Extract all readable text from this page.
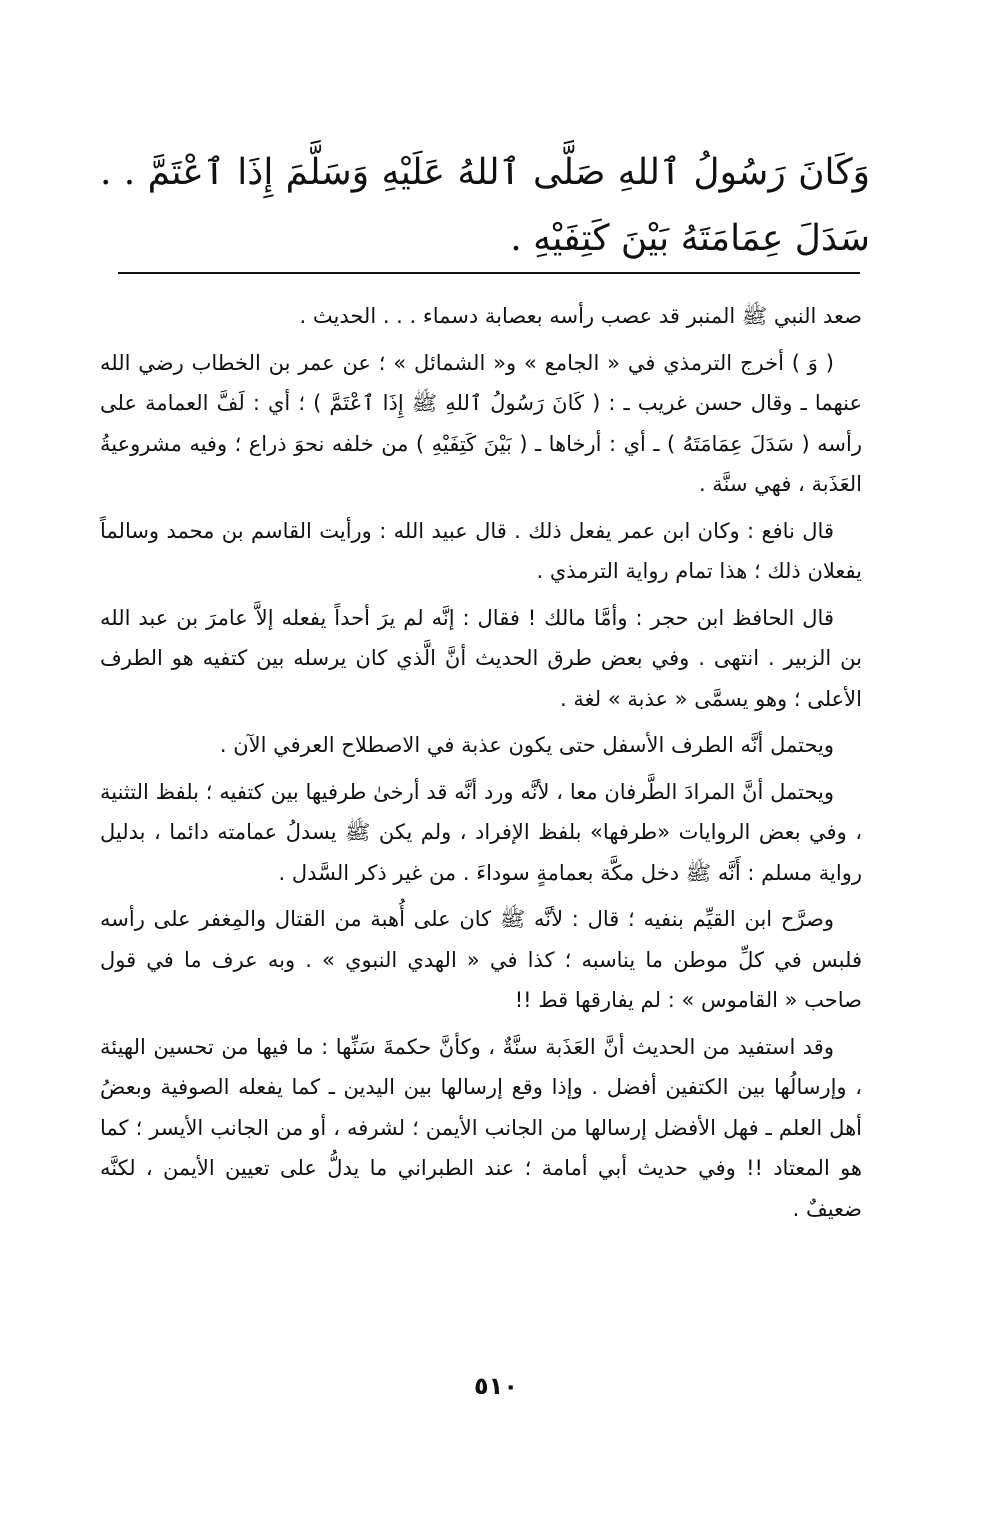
وَكَانَ رَسُولُ ٱللهِ صَلَّى ٱللهُ عَلَيْهِ وَسَلَّمَ إِذَا ٱعْتَمَّ . . سَدَلَ عِمَامَتَهُ بَيْنَ كَتِفَيْهِ .

صعد النبي ﷺ المنبر قد عصب رأسه بعصابة دسماء . . . الحديث .

( وَ ) أخرج الترمذي في « الجامع » و« الشمائل » ؛ عن عمر بن الخطاب رضي الله عنهما ـ وقال حسن غريب ـ : ( كَانَ رَسُولُ ٱللهِ ﷺ إِذَا ٱعْتَمَّ ) ؛ أي : لَفَّ العمامة على رأسه ( سَدَلَ عِمَامَتَهُ ) ـ أي : أرخاها ـ ( بَيْنَ كَتِفَيْهِ ) من خلفه نحوَ ذراع ؛ وفيه مشروعيةُ العَذَبة ، فهي سنَّة .

قال نافع : وكان ابن عمر يفعل ذلك . قال عبيد الله : ورأيت القاسم بن محمد وسالماً يفعلان ذلك ؛ هذا تمام رواية الترمذي .

قال الحافظ ابن حجر : وأمَّا مالك ! فقال : إنَّه لم يرَ أحداً يفعله إلاَّ عامرَ بن عبد الله بن الزبير . انتهى . وفي بعض طرق الحديث أنَّ الَّذي كان يرسله بين كتفيه هو الطرف الأعلى ؛ وهو يسمَّى « عذبة » لغة .

ويحتمل أنَّه الطرف الأسفل حتى يكون عذبة في الاصطلاح العرفي الآن .

ويحتمل أنَّ المرادَ الطَّرفان معا ، لأنَّه ورد أنَّه قد أرخىٰ طرفيها بين كتفيه ؛ بلفظ التثنية ، وفي بعض الروايات «طرفها» بلفظ الإفراد ، ولم يكن ﷺ يسدلُ عمامته دائما ، بدليل رواية مسلم : أَنَّه ﷺ دخل مكَّة بعمامةٍ سوداءَ . من غير ذكر السَّدل .

وصرَّح ابن القيِّم بنفيه ؛ قال : لأنَّه ﷺ كان على أُهبة من القتال والمِغفر على رأسه فلبس في كلِّ موطن ما يناسبه ؛ كذا في « الهدي النبوي » . وبه عرف ما في قول صاحب « القاموس » : لم يفارقها قط !!

وقد استفيد من الحديث أنَّ العَذَبة سنَّةٌ ، وكأنَّ حكمةَ سَنِّها : ما فيها من تحسين الهيئة ، وإرسالُها بين الكتفين أفضل . وإذا وقع إرسالها بين اليدين ـ كما يفعله الصوفية وبعضُ أهل العلم ـ فهل الأفضل إرسالها من الجانب الأيمن ؛ لشرفه ، أو من الجانب الأيسر ؛ كما هو المعتاد !! وفي حديث أبي أمامة ؛ عند الطبراني ما يدلُّ على تعيين الأيمن ، لكنَّه ضعيفٌ .

٥١٠
